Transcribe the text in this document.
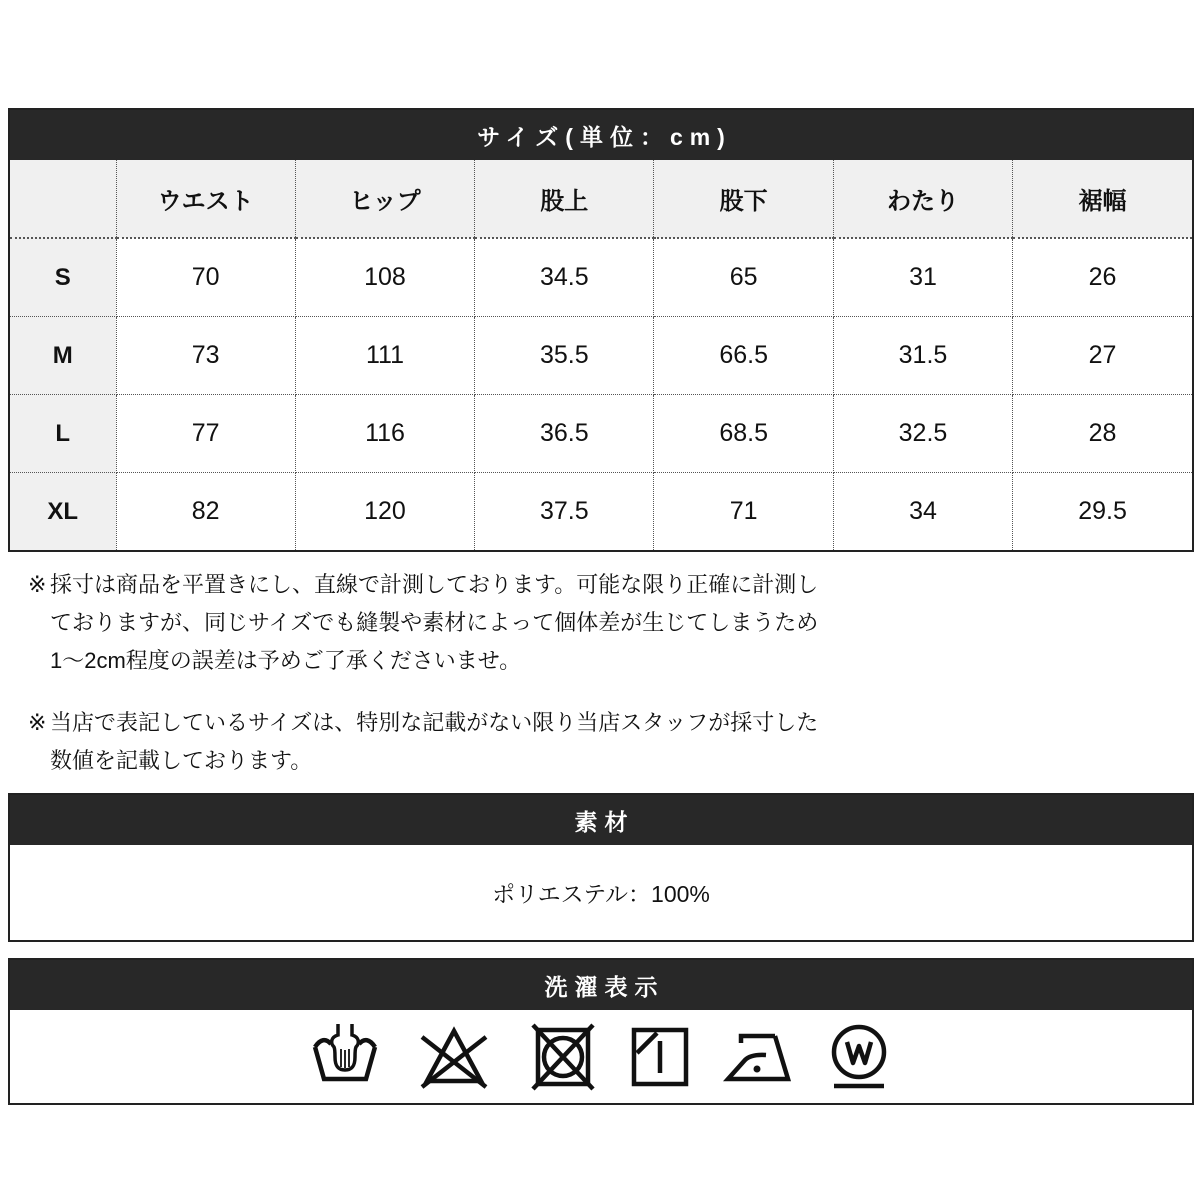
サイズ(単位：cm)
	ウエスト	ヒップ	股上	股下	わたり	裾幅
S	70	108	34.5	65	31	26
M	73	111	35.5	66.5	31.5	27
L	77	116	36.5	68.5	32.5	28
XL	82	120	37.5	71	34	29.5
※ 採寸は商品を平置きにし、直線で計測しております。可能な限り正確に計測し
ておりますが、同じサイズでも縫製や素材によって個体差が生じてしまうため
1〜2cm程度の誤差は予めご了承くださいませ。
※ 当店で表記しているサイズは、特別な記載がない限り当店スタッフが採寸した
数値を記載しております。
素材
ポリエステル：100%
洗濯表示
